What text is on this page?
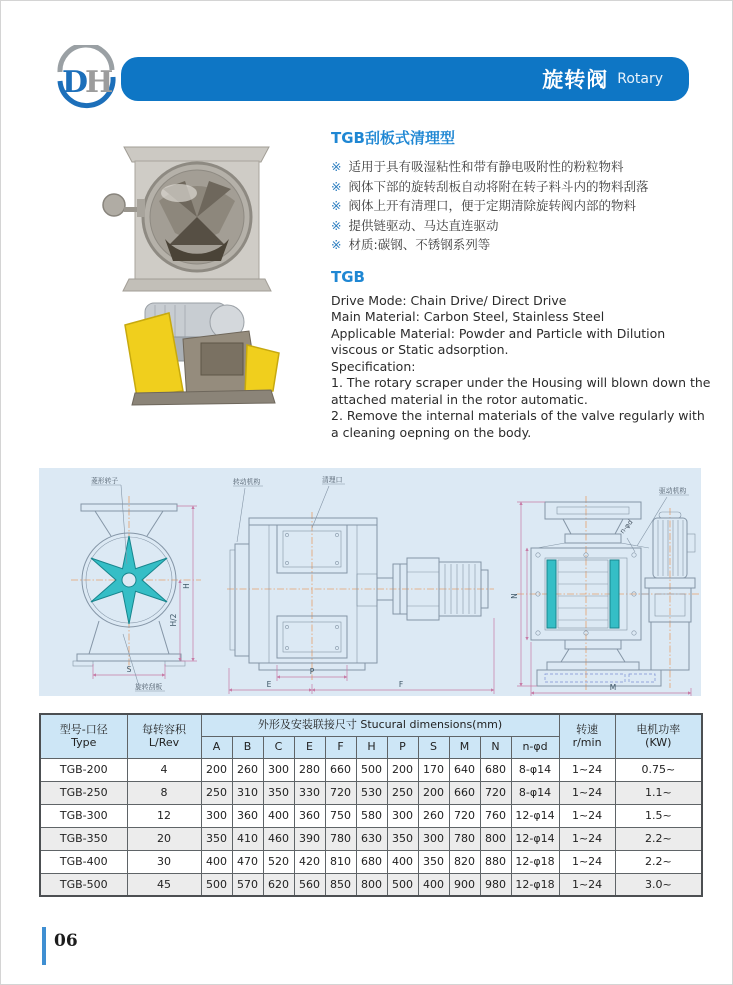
D
H	旋转阀 Rotary
TGB刮板式清理型
※ 适用于具有吸湿粘性和带有静电吸附性的粉粒物料
※ 阀体下部的旋转刮板自动将附在转子料斗内的物料刮落
※ 阀体上开有清理口，便于定期清除旋转阀内部的物料
※ 提供链驱动、马达直连驱动
※ 材质:碳钢、不锈钢系列等
TGB
Drive Mode: Chain Drive/ Direct Drive
Main Material: Carbon Steel, Stainless Steel
Applicable Material: Powder and Particle with Dilution viscous or Static adsorption.
Specification:
1. The rotary scraper under the Housing will blown down the attached material in the rotor automatic.
2. Remove the internal materials of the valve regularly with a cleaning oepning on the body.
H
H/2
S
菱形转子
旋转刮板
转动机构	清理口
P
E	F
驱动机构
n-φd
N
M
型号-口径
Type

每转容积
L/Rev
	外形及安装联接尺寸 Stucural dimensions(mm)	转速
r/min

电机功率
(KW)

		A	B	C	E	F	H	P	S	M	N	n-φd		
TGB-200	4	200	260	300	280	660	500	200	170	640	680	8-φ14	1~24	0.75~
TGB-250	8	250	310	350	330	720	530	250	200	660	720	8-φ14	1~24	1.1~
TGB-300	12	300	360	400	360	750	580	300	260	720	760	12-φ14	1~24	1.5~
TGB-350	20	350	410	460	390	780	630	350	300	780	800	12-φ14	1~24	2.2~
TGB-400	30	400	470	520	420	810	680	400	350	820	880	12-φ18	1~24	2.2~
TGB-500	45	500	570	620	560	850	800	500	400	900	980	12-φ18	1~24	3.0~
06
